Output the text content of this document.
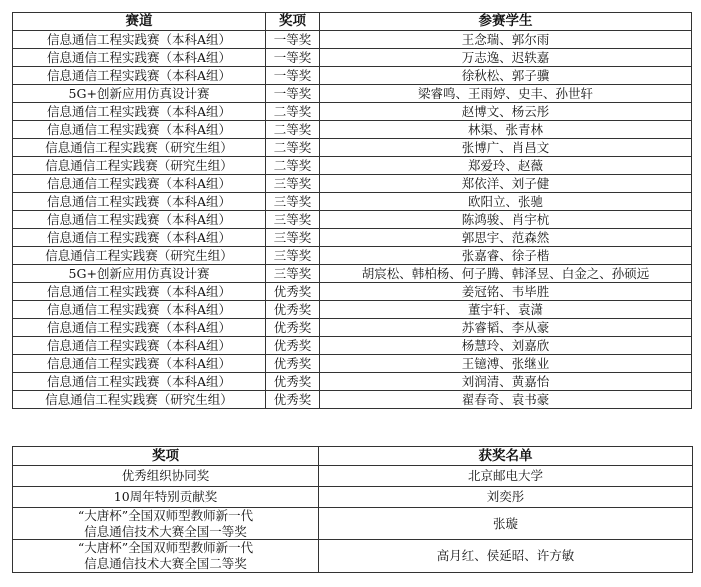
赛道	奖项	参赛学生
信息通信工程实践赛（本科A组）	一等奖	王念瑞、郭尔雨
信息通信工程实践赛（本科A组）	一等奖	万志逸、迟轶嘉
信息通信工程实践赛（本科A组）	一等奖	徐秋松、郭子骥
5G+创新应用仿真设计赛	一等奖	梁睿鸣、王雨婷、史丰、孙世轩
信息通信工程实践赛（本科A组）	二等奖	赵博文、杨云彤
信息通信工程实践赛（本科A组）	二等奖	林渠、张青林
信息通信工程实践赛（研究生组）	二等奖	张博广、肖昌文
信息通信工程实践赛（研究生组）	二等奖	郑爱玲、赵薇
信息通信工程实践赛（本科A组）	三等奖	郑依洋、刘子健
信息通信工程实践赛（本科A组）	三等奖	欧阳立、张驰
信息通信工程实践赛（本科A组）	三等奖	陈鸿骏、肖宇杭
信息通信工程实践赛（本科A组）	三等奖	郭思宇、范森然
信息通信工程实践赛（研究生组）	三等奖	张嘉睿、徐子楷
5G+创新应用仿真设计赛	三等奖	胡宸松、韩柏杨、何子腾、韩泽昱、白金之、孙硕远
信息通信工程实践赛（本科A组）	优秀奖	姜冠铭、韦毕胜
信息通信工程实践赛（本科A组）	优秀奖	董宇轩、袁潇
信息通信工程实践赛（本科A组）	优秀奖	苏睿韬、李从豪
信息通信工程实践赛（本科A组）	优秀奖	杨慧玲、刘嘉欣
信息通信工程实践赛（本科A组）	优秀奖	王镱溥、张继业
信息通信工程实践赛（本科A组）	优秀奖	刘润清、黄嘉怡
信息通信工程实践赛（研究生组）	优秀奖	翟春奇、袁书豪
奖项	获奖名单

优秀组织协同奖	北京邮电大学

10周年特别贡献奖	刘奕彤

“大唐杯”全国双师型教师新一代
信息通信技术大赛全国一等奖	张璇

“大唐杯”全国双师型教师新一代
信息通信技术大赛全国二等奖	高月红、侯延昭、许方敏
